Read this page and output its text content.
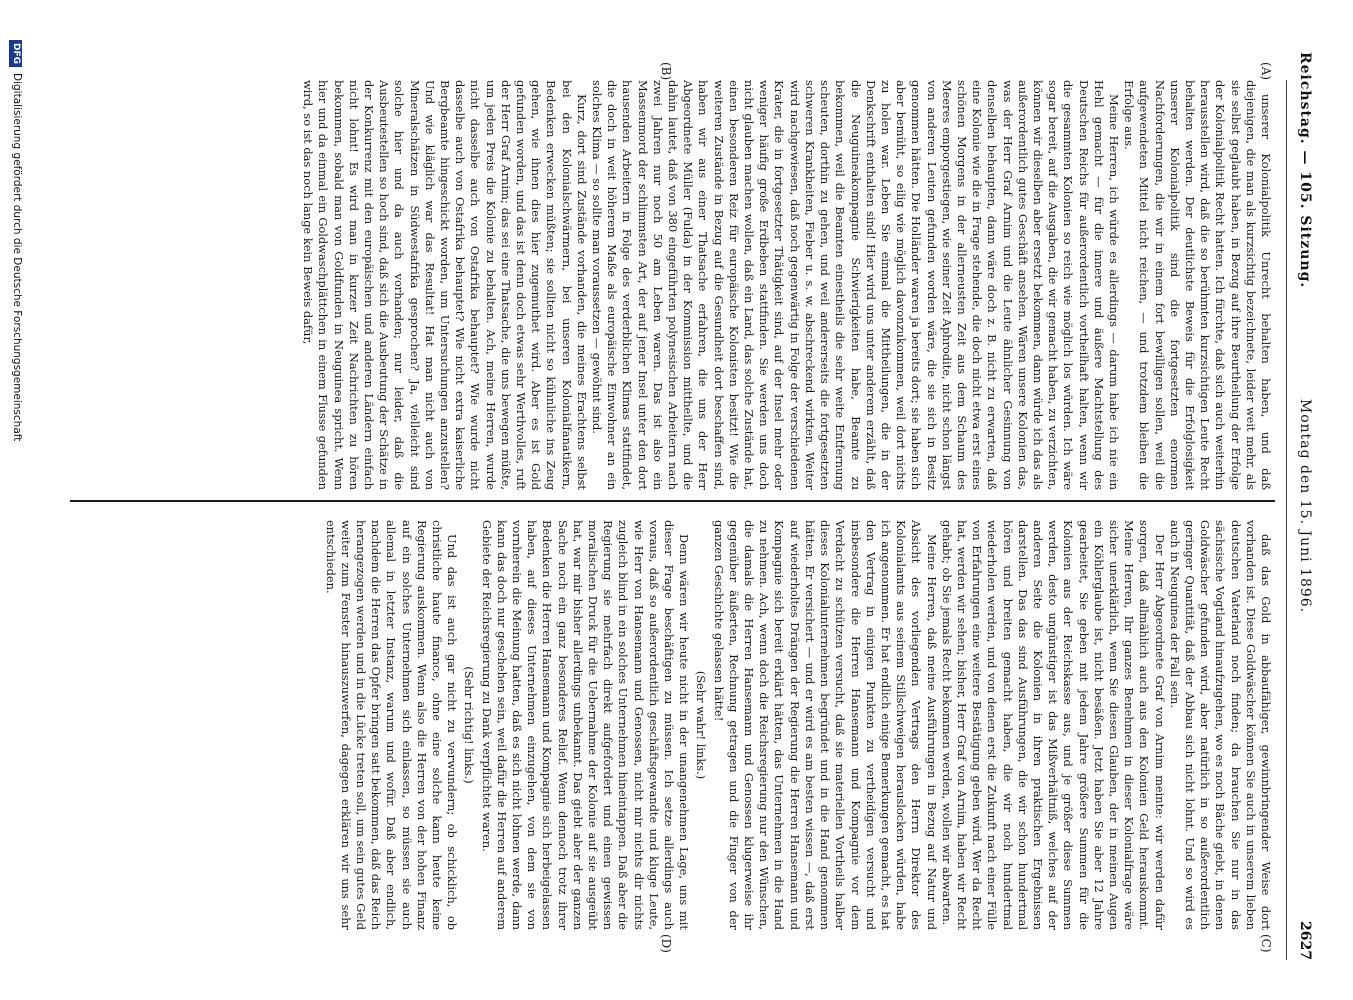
Reichstag. — 105. Sitzung.
Montag den 15. Juni 1896.
2627
(A)
(B)
(C)
(D)

unserer Kolonialpolitik Unrecht behalten haben, und daß diejenigen, die man als kurzsichtig bezeichnete, leider weit mehr, als sie selbst geglaubt haben, in Bezug auf ihre Beurtheilung der Erfolge der Kolonialpolitik Recht hatten. Ich fürchte, daß sich auch weiterhin herausstellen wird, daß die so berühmten kurzsichtigen Leute Recht behalten werden. Der deutlichste Beweis für die Erfolglosigkeit unserer Kolonialpolitik sind die fortgesetzten enormen Nachforderungen, die wir in einem fort bewilligen sollen, weil die aufgewendeten Mittel nicht reichen, — und trotzdem bleiben die Erfolge aus.

Meine Herren, ich würde es allerdings — darum habe ich nie ein Hehl gemacht — für die innere und äußere Machtstellung des Deutschen Reichs für außerordentlich vortheilhaft halten, wenn wir die gesammten Kolonien so reich wie möglich los würden. Ich wäre sogar bereit, auf die Ausgaben, die wir gemacht haben, zu verzichten, können wir dieselben aber ersetzt bekommen, dann würde ich das als außerordentlich gutes Geschäft ansehen. Wären unsere Kolonien das, was der Herr Graf Arnim und die Leute ähnlicher Gesinnung von denselben behaupten, dann wäre doch z. B. nicht zu erwarten, daß eine Kolonie wie die in Frage stehende, die doch nicht etwa erst eines schönen Morgens in der allerneusten Zeit aus dem Schaum des Meeres emporgestiegen, wie seiner Zeit Aphrodite, nicht schon längst von anderen Leuten gefunden worden wäre, die sie sich in Besitz genommen hätten. Die Holländer waren ja bereits dort; sie haben sich aber bemüht, so eilig wie möglich davonzukommen, weil dort nichts zu holen war. Leben Sie einmal die Mittheilungen, die in der Denkschrift enthalten sind! Hier wird uns unter anderem erzählt, daß die Neuguineakompagnie Schwierigkeiten habe, Beamte zu bekommen, weil die Beamten einestheils die sehr weite Entfernung scheuten, dorthin zu gehen, und weil andererseits die fortgesetzten schweren Krankheiten, Fieber u. s. w. abschreckend wirkten. Weiter wird nachgewiesen, daß noch gegenwärtig in Folge der verschiedenen Krater, die in fortgesetzter Thätigkeit sind, auf der Insel mehr oder weniger häufig große Erdbeben stattfinden. Sie werden uns doch nicht glauben machen wollen, daß ein Land, das solche Zustände hat, einen besonderen Reiz für europäische Kolonisten besitzt! Wie die weiteren Zustände in Bezug auf die Gesundheit dort beschaffen sind, haben wir aus einer Thatsache erfahren, die uns der Herr Abgeordnete Müller (Fulda) in der Kommission mittheilte, und die dahin lautet, daß von 380 eingeführten polynesischen Arbeitern nach zwei Jahren nur noch 50 am Leben waren. Das ist also ein Massenmord der schlimmsten Art, der auf jener Insel unter den dort hausenden Arbeitern in Folge des verderblichen Klimas stattfindet, die doch in weit höherem Maße als europäische Einwohner an ein solches Klima — so sollte man voraussetzen — gewöhnt sind.

Kurz, dort sind Zustände vorhanden, die meines Erachtens selbst bei den Kolonialschwärmern, bei unseren Kolonialfanatikern, Bedenken erwecken müßten; sie sollten nicht so kühnliche ins Zeug gehen, wie ihnen dies hier zugemuthet wird. Aber es ist Gold gefunden worden, und das ist denn doch etwas sehr Werthvolles, ruft der Herr Graf Arnim; das sei eine Thatsache, die uns bewegen müßte, um jeden Preis die Kolonie zu behalten. Ach, meine Herren, wurde nicht dasselbe auch von Ostafrika behauptet? Wie wurde nicht dasselbe auch von Ostafrika behauptet? Wie nicht extra kaiserliche Bergbeamte hingeschickt worden, um Untersuchungen anzustellen? Und wie kläglich war das Resultat! Hat man nicht auch von Mineralschätzen in Südwestafrika gesprochen? Ja, vielleicht sind solche hier und da auch vorhanden; nur leider, daß die Ausbeutestellen so hoch sind, daß sich die Ausbeutung der Schätze in der Konkurrenz mit den europäischen und anderen Ländern einfach nicht lohnt! Es wird man in kurzer Zeit Nachrichten zu hören bekommen, sobald man von Goldfunden in Neuguinea spricht. Wenn hier und da einmal ein Goldwaschplättchen in einem Flusse gefunden wird, so ist das noch lange kein Beweis dafür,

daß das Gold in abbaufähiger, gewinnbringender Weise dort vorhanden ist. Diese Goldwäscher können Sie auch in unserem lieben deutschen Vaterland noch finden; da brauchen Sie nur in das sächsische Vogtland hinaufzugehen, wo es noch Bäche giebt, in denen Goldwäscher gefunden wird, aber natürlich in so außerordentlich geringer Quantität, daß der Abbau sich nicht lohnt. Und so wird es auch in Neuguinea der Fall sein.

Der Herr Abgeordnete Graf von Arnim meinte: wir werden dafür sorgen, daß allmählich auch aus den Kolonien Geld herauskommt. Meine Herren, Ihr ganzes Benehmen in dieser Kolonialfrage wäre sicher unerklärlich, wenn Sie diesen Glauben, der in meinen Augen ein Köhlerglaube ist, nicht besäßen. Jetzt haben Sie aber 12 Jahre gearbeitet, Sie geben mit jedem Jahre größere Summen für die Kolonien aus der Reichskasse aus, und je größer diese Summen werden, desto ungünstiger ist das Mißverhältniß, welches auf der anderen Seite die Kolonien in ihren praktischen Ergebnissen darstellen. Das das sind Ausführungen, die wir schon hundertmal hören und breiten gemacht haben, die wir noch hundertmal wiederholen werden, und von denen erst die Zukunft nach einer Fülle von Erfahrungen eine weitere Bestätigung geben wird. Wer da Recht hat, werden wir sehen; bisher, Herr Graf von Arnim, haben wir Recht gehabt; ob Sie jemals Recht bekommen werden, wollen wir abwarten.

Meine Herren, daß meine Ausführungen in Bezug auf Natur und Absicht des vorliegenden Vertrags den Herrn Direktor des Kolonialamts aus seinem Stillschweigen herauslocken würden, habe ich angenommen. Er hat endlich einige Bemerkungen gemacht, es hat den Vertrag in einigen Punkten zu vertheidigen versucht und insbesondere die Herren Hansemann und Kompagnie vor dem Verdacht zu schützen versucht, daß sie materiellen Vortheils halber dieses Kolonialunternehmen begründet und in die Hand genommen hätten. Er versichert — und er wird es am besten wissen —, daß erst auf wiederholtes Drängen der Regierung die Herren Hansemann und Kompagnie sich bereit erklärt hätten, das Unternehmen in die Hand zu nehmen. Ach, wenn doch die Reichsregierung nur den Wünschen, die damals die Herren Hansemann und Genossen klugerweise ihr gegenüber äußerten, Rechnung getragen und die Finger von der ganzen Geschichte gelassen hätte!

(Sehr wahr! links.)

Denn wären wir heute nicht in der unangenehmen Lage, uns mit dieser Frage beschäftigen zu müssen. Ich setze allerdings auch voraus, daß so außerordentlich geschäftsgewandte und kluge Leute, wie Herr von Hansemann und Genossen, nicht mir nichts dir nichts zugleich blind in ein solches Unternehmen hineintappen. Daß aber die Regierung sie mehrfach direkt aufgefordert und einen gewissen moralischen Druck für die Uebernahme der Kolonie auf sie ausgeübt hat, war mir bisher allerdings unbekannt. Das giebt aber der ganzen Sache noch ein ganz besonderes Relief. Wenn dennoch trotz ihrer Bedenken die Herren Hansemann und Kompagnie sich herbeigelassen haben, auf dieses Unternehmen einzugehen, von dem sie von vornherein die Meinung hatten, daß es sich nicht lohnen werde, dann kann das doch nur geschehen sein, weil dafür die Herren auf anderem Gebiete der Reichsregierung zu Dank verpflichtet waren.

(Sehr richtig! links.)

Und das ist auch gar nicht zu verwundern; ob schicklich, ob christliche haute finance, ohne eine solche kann heute keine Regierung auskommen. Wenn also die Herren von der hohen Finanz auf ein solches Unternehmen sich einlassen, so müssen sie auch allemal in letzter Instanz, warum und wofür. Daß aber endlich, nachdem die Herren das Opfer bringen satt bekommen, daß das Reich herangezogen werden und in die Lücke treten soll, um sein gutes Geld weiter zum Fenster hinauszuwerfen, dagegen erklären wir uns sehr entschieden.

DFGDigitalisierung gefördert durch die Deutsche Forschungsgemeinschaft
